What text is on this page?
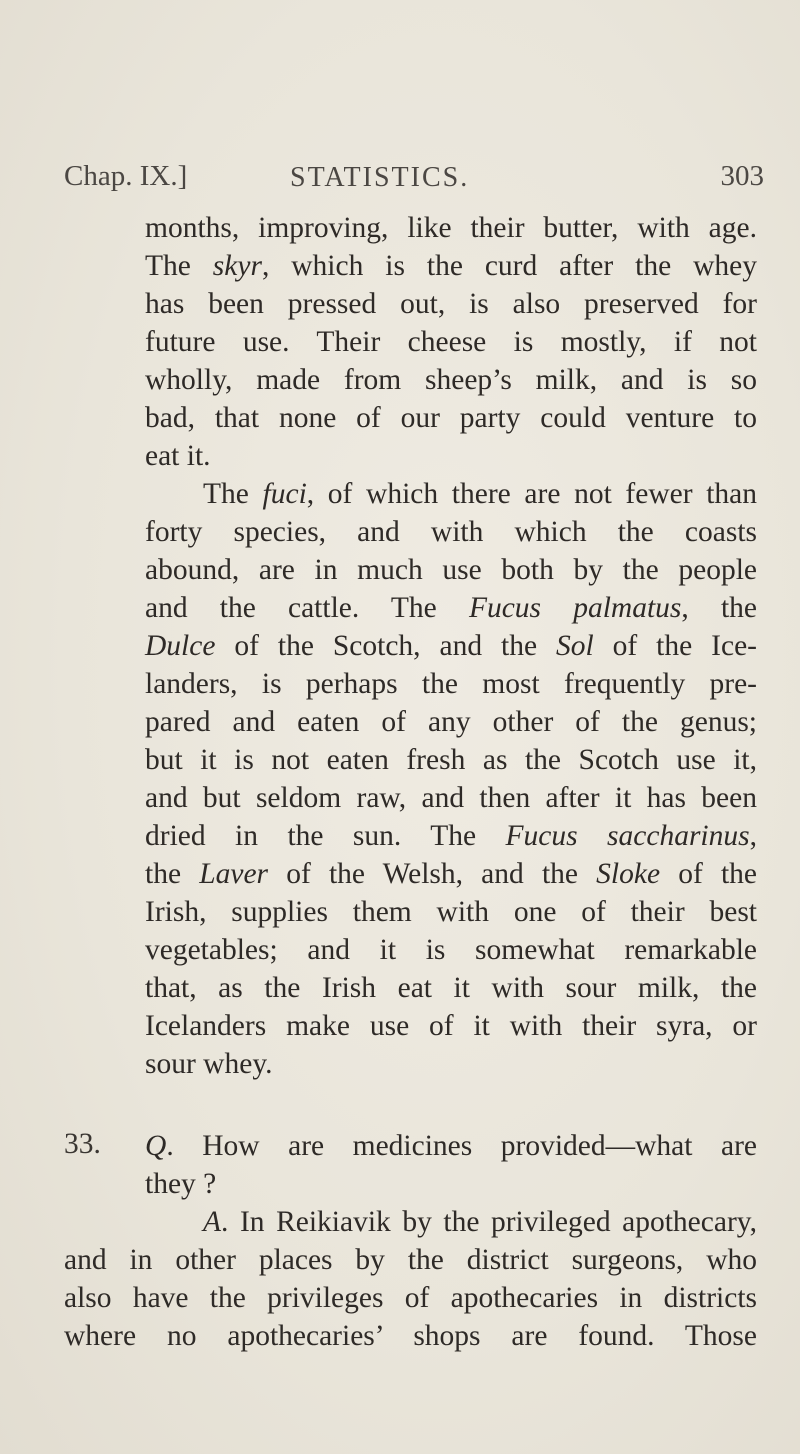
Chap. IX.]	STATISTICS.	303
months, improving, like their butter, with age.
The skyr, which is the curd after the whey
has been pressed out, is also preserved for
future use. Their cheese is mostly, if not
wholly, made from sheep’s milk, and is so
bad, that none of our party could venture to
eat it.
The fuci, of which there are not fewer than
forty species, and with which the coasts
abound, are in much use both by the people
and the cattle. The Fucus palmatus, the
Dulce of the Scotch, and the Sol of the Ice-
landers, is perhaps the most frequently pre-
pared and eaten of any other of the genus;
but it is not eaten fresh as the Scotch use it,
and but seldom raw, and then after it has been
dried in the sun. The Fucus saccharinus,
the Laver of the Welsh, and the Sloke of the
Irish, supplies them with one of their best
vegetables; and it is somewhat remarkable
that, as the Irish eat it with sour milk, the
Icelanders make use of it with their syra, or
sour whey.
33. Q. How are medicines provided—what are
they ?
A. In Reikiavik by the privileged apothecary,
and in other places by the district surgeons, who
also have the privileges of apothecaries in districts
where no apothecaries’ shops are found. Those
